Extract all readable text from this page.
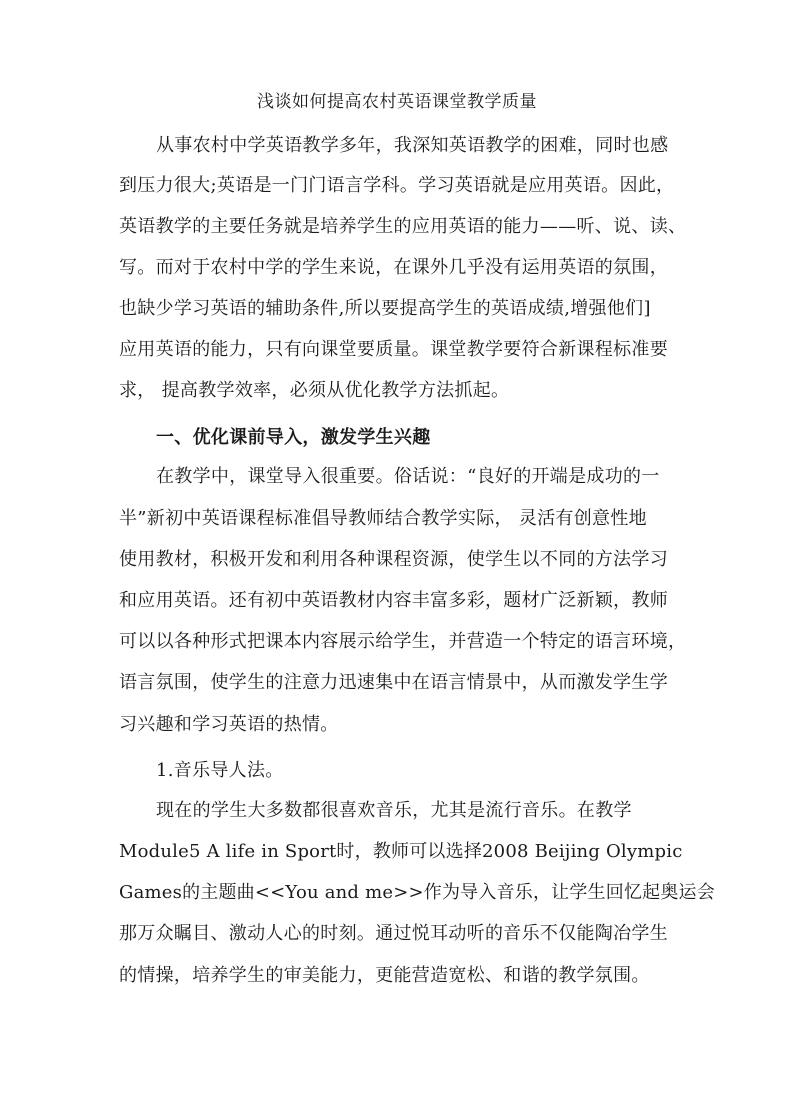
浅谈如何提高农村英语课堂教学质量
从事农村中学英语教学多年，我深知英语教学的困难，同时也感
到压力很大;英语是一门门语言学科。学习英语就是应用英语。因此，
英语教学的主要任务就是培养学生的应用英语的能力——听、说、读、
写。而对于农村中学的学生来说，在课外几乎没有运用英语的氛围，
也缺少学习英语的辅助条件,所以要提高学生的英语成绩,增强他们]
应用英语的能力，只有向课堂要质量。课堂教学要符合新课程标准要
求， 提高教学效率，必须从优化教学方法抓起。
一、优化课前导入，激发学生兴趣
在教学中，课堂导入很重要。俗话说：“良好的开端是成功的一
半”新初中英语课程标准倡导教师结合教学实际， 灵活有创意性地
使用教材，积极开发和利用各种课程资源，使学生以不同的方法学习
和应用英语。还有初中英语教材内容丰富多彩，题材广泛新颖，教师
可以以各种形式把课本内容展示给学生，并营造一个特定的语言环境，
语言氛围，使学生的注意力迅速集中在语言情景中，从而激发学生学
习兴趣和学习英语的热情。
1.音乐导人法。
现在的学生大多数都很喜欢音乐，尤其是流行音乐。在教学
Module5 A life in Sport时，教师可以选择2008 Beijing Olympic
Games的主题曲<<You and me>>作为导入音乐，让学生回忆起奥运会
那万众瞩目、激动人心的时刻。通过悦耳动听的音乐不仅能陶冶学生
的情操，培养学生的审美能力，更能营造宽松、和谐的教学氛围。
